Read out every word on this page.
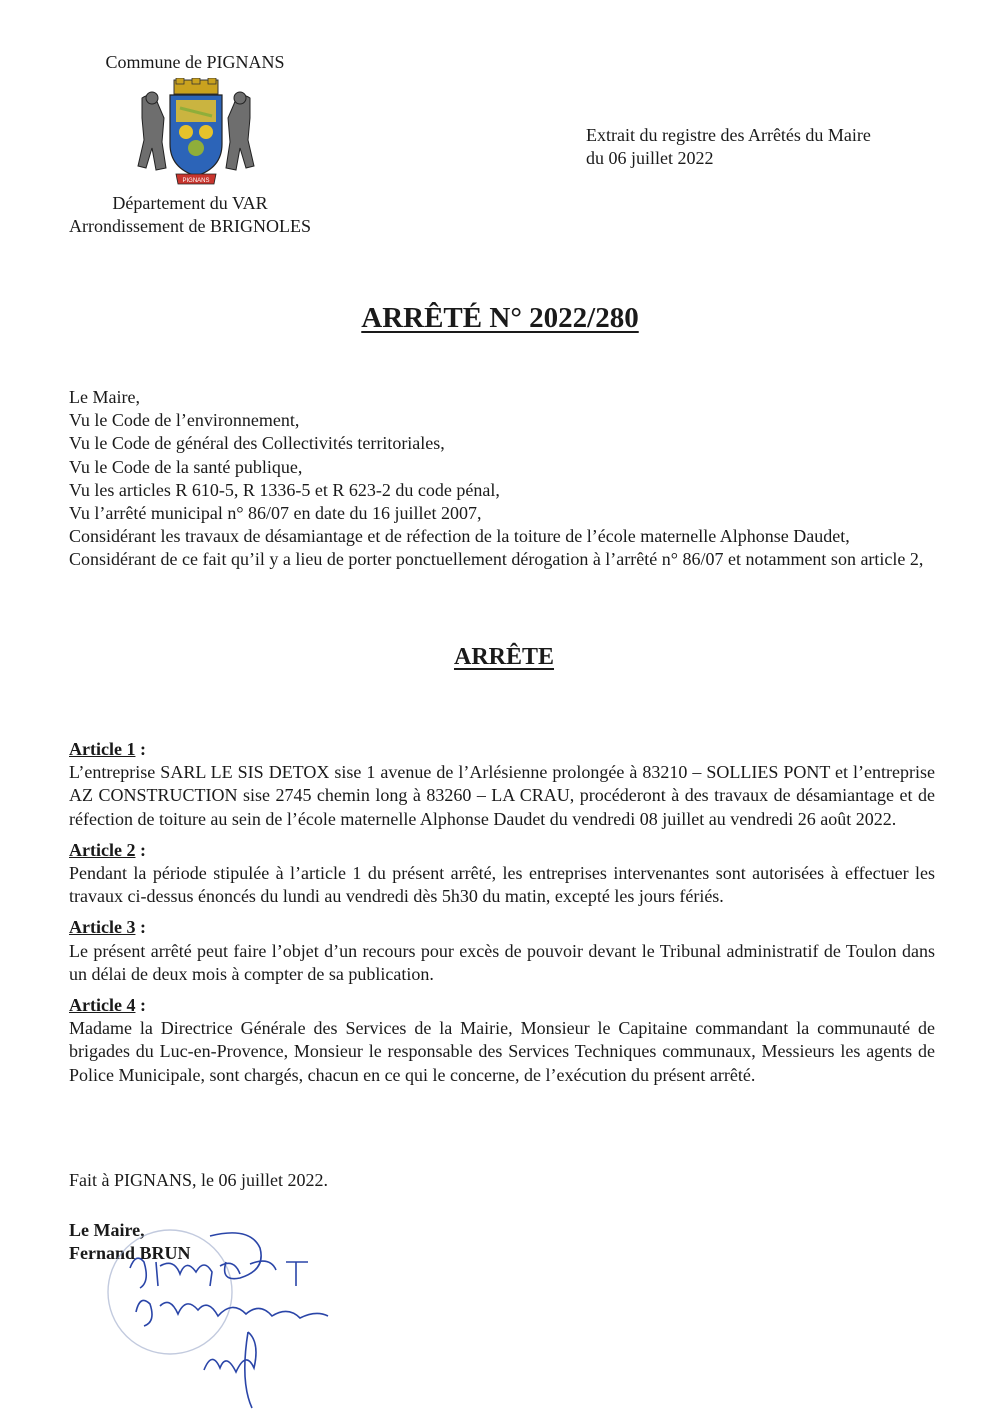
Commune de PIGNANS
PIGNANS
Département du VAR
Arrondissement de BRIGNOLES
Extrait du registre des Arrêtés du Maire
du 06 juillet 2022
ARRÊTÉ N° 2022/280
Le Maire,
Vu le Code de l’environnement,
Vu le Code de général des Collectivités territoriales,
Vu le Code de la santé publique,
Vu les articles R 610-5, R 1336-5 et R 623-2 du code pénal,
Vu l’arrêté municipal n° 86/07 en date du 16 juillet 2007,
Considérant les travaux de désamiantage et de réfection de la toiture de l’école maternelle Alphonse Daudet,
Considérant de ce fait qu’il y a lieu de porter ponctuellement dérogation à l’arrêté n° 86/07 et notamment son article 2,
ARRÊTE
Article 1 :
L’entreprise SARL LE SIS DETOX sise 1 avenue de l’Arlésienne prolongée à 83210 – SOLLIES PONT et l’entreprise AZ CONSTRUCTION sise 2745 chemin long à 83260 – LA CRAU, procéderont à des travaux de désamiantage et de réfection de toiture au sein de l’école maternelle Alphonse Daudet du vendredi 08 juillet au vendredi 26 août 2022.
Article 2 :
Pendant la période stipulée à l’article 1 du présent arrêté, les entreprises intervenantes sont autorisées à effectuer les travaux ci-dessus énoncés du lundi au vendredi dès 5h30 du matin, excepté les jours fériés.
Article 3 :
Le présent arrêté peut faire l’objet d’un recours pour excès de pouvoir devant le Tribunal administratif de Toulon dans un délai de deux mois à compter de sa publication.
Article 4 :
Madame la Directrice Générale des Services de la Mairie, Monsieur le Capitaine commandant la communauté de brigades du Luc-en-Provence, Monsieur le responsable des Services Techniques communaux, Messieurs les agents de Police Municipale, sont chargés, chacun en ce qui le concerne, de l’exécution du présent arrêté.
Fait à PIGNANS, le 06 juillet 2022.
Le Maire,
Fernand BRUN
